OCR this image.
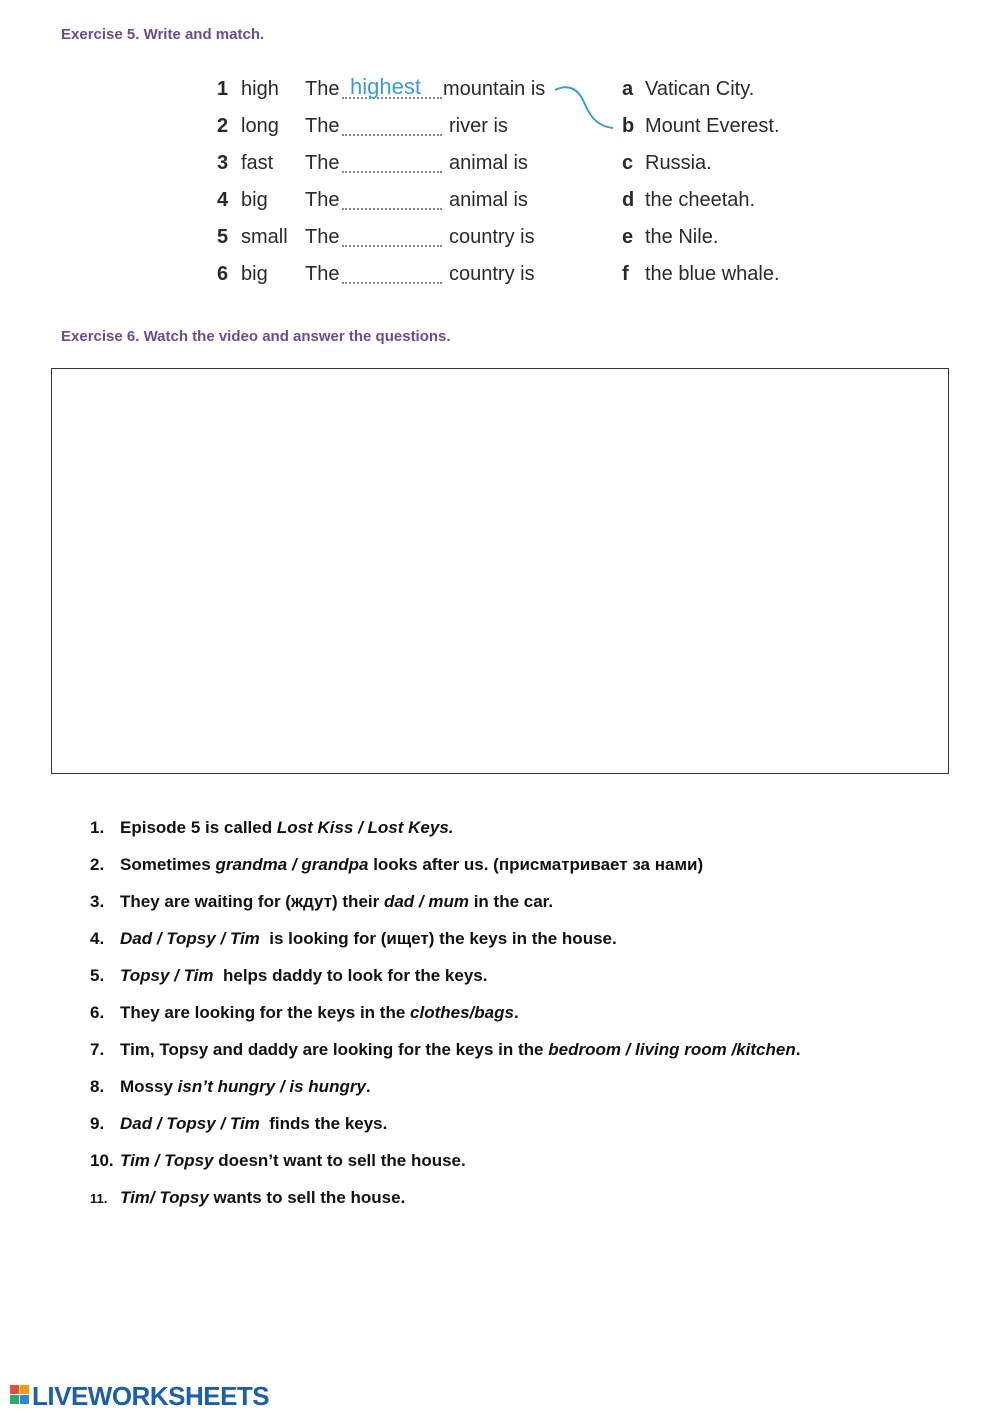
Exercise 5. Write and match.
1 high The highest mountain is	a Vatican City.
2 long The	river is	b Mount Everest.
3 fast The	animal is	c Russia.
4 big The	animal is	d the cheetah.
5 small The	country is	e the Nile.
6 big The	country is	f the blue whale.
Exercise 6. Watch the video and answer the questions.
1. Episode 5 is called Lost Kiss / Lost Keys.
2. Sometimes grandma / grandpa looks after us. (присматривает за нами)
3. They are waiting for (ждут) their dad / mum in the car.
4. Dad / Topsy / Tim  is looking for (ищет) the keys in the house.
5. Topsy / Tim  helps daddy to look for the keys.
6. They are looking for the keys in the clothes/bags.
7. Tim, Topsy and daddy are looking for the keys in the bedroom / living room /kitchen.
8. Mossy isn’t hungry / is hungry.
9. Dad / Topsy / Tim  finds the keys.
10. Tim / Topsy doesn’t want to sell the house.
11. Tim/ Topsy wants to sell the house.
LIVEWORKSHEETS
